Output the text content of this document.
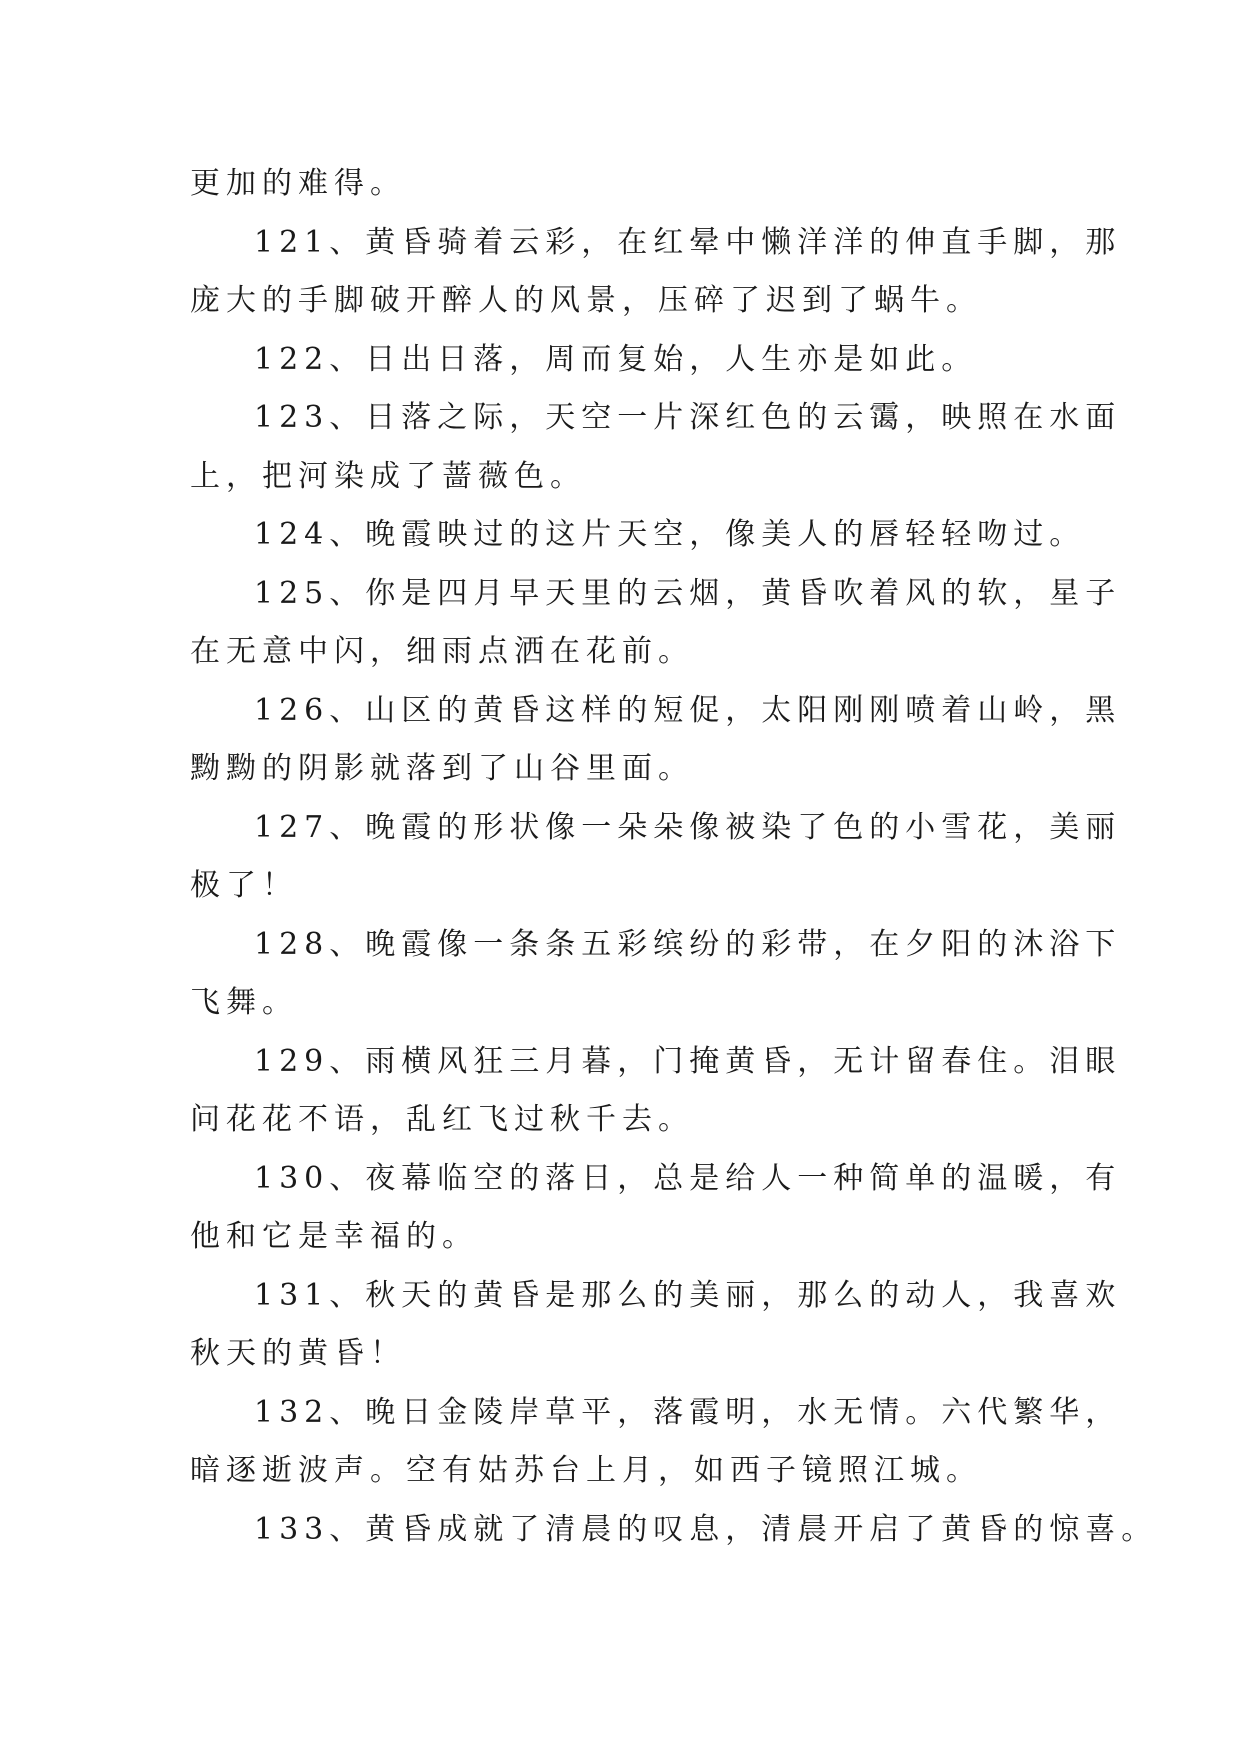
更加的难得。
121、黄昏骑着云彩，在红晕中懒洋洋的伸直手脚，那
庞大的手脚破开醉人的风景，压碎了迟到了蜗牛。
122、日出日落，周而复始，人生亦是如此。
123、日落之际，天空一片深红色的云霭，映照在水面
上，把河染成了蔷薇色。
124、晚霞映过的这片天空，像美人的唇轻轻吻过。
125、你是四月早天里的云烟，黄昏吹着风的软，星子
在无意中闪，细雨点洒在花前。
126、山区的黄昏这样的短促，太阳刚刚喷着山岭，黑
黝黝的阴影就落到了山谷里面。
127、晚霞的形状像一朵朵像被染了色的小雪花，美丽
极了！
128、晚霞像一条条五彩缤纷的彩带，在夕阳的沐浴下
飞舞。
129、雨横风狂三月暮，门掩黄昏，无计留春住。泪眼
问花花不语，乱红飞过秋千去。
130、夜幕临空的落日，总是给人一种简单的温暖，有
他和它是幸福的。
131、秋天的黄昏是那么的美丽，那么的动人，我喜欢
秋天的黄昏！
132、晚日金陵岸草平，落霞明，水无情。六代繁华，
暗逐逝波声。空有姑苏台上月，如西子镜照江城。
133、黄昏成就了清晨的叹息，清晨开启了黄昏的惊喜。
